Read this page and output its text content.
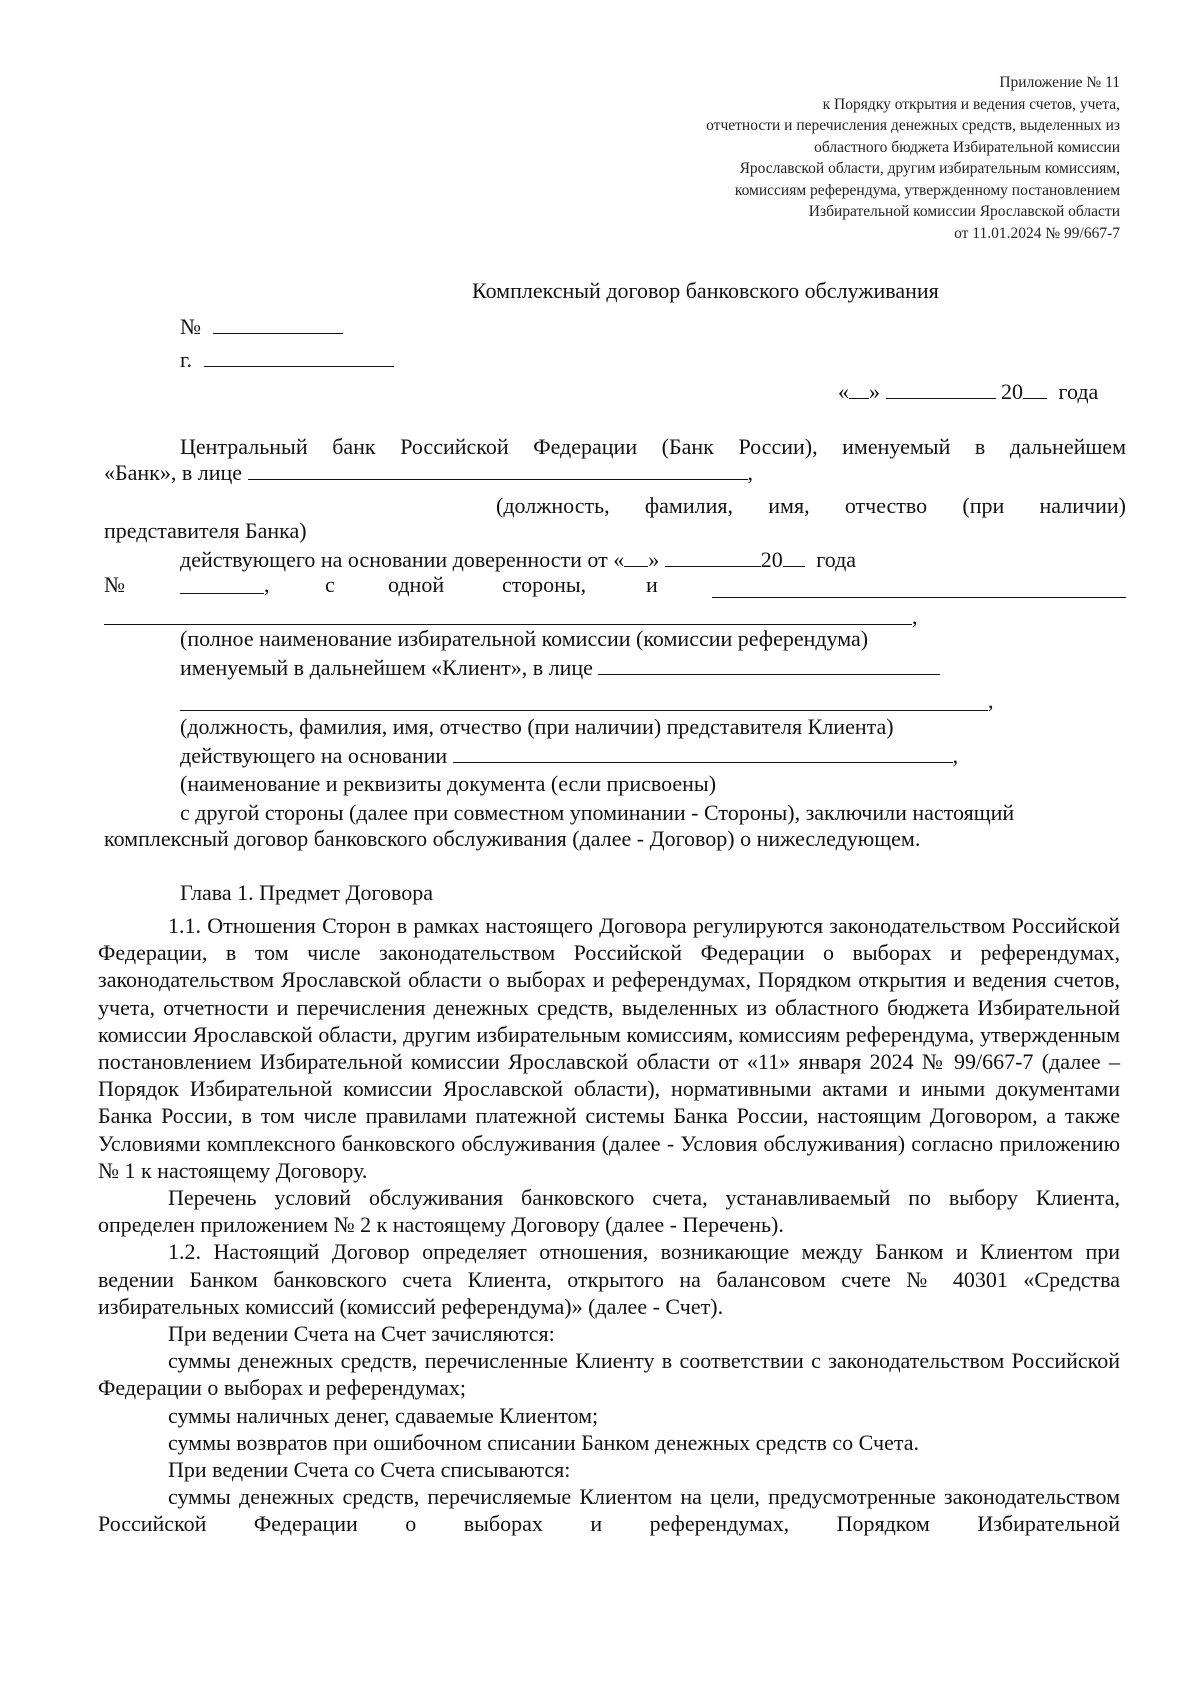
Приложение № 11
к Порядку открытия и ведения счетов, учета,
отчетности и перечисления денежных средств, выделенных из
областного бюджета Избирательной комиссии
Ярославской области, другим избирательным комиссиям,
комиссиям референдума, утвержденному постановлением
Избирательной комиссии Ярославской области
от 11.01.2024 № 99/667-7
Комплексный договор банковского обслуживания
№
г.
« »	20 года
Центральный банк Российской Федерации (Банк России), именуемый в дальнейшем
«Банк», в лице	,
(должность, фамилия, имя, отчество (при наличии)
представителя Банка)
действующего на основании доверенности от « »	20 года
№	,	с одной	стороны,	и
,
(полное наименование избирательной комиссии (комиссии референдума)
именуемый в дальнейшем «Клиент», в лице
,
(должность, фамилия, имя, отчество (при наличии) представителя Клиента)
действующего на основании	,
(наименование и реквизиты документа (если присвоены)
с другой стороны (далее при совместном упоминании - Стороны), заключили настоящий
комплексный договор банковского обслуживания (далее - Договор) о нижеследующем.
Глава 1. Предмет Договора

1.1. Отношения Сторон в рамках настоящего Договора регулируются законодательством Российской Федерации, в том числе законодательством Российской Федерации о выборах и референдумах, законодательством Ярославской области о выборах и референдумах, Порядком открытия и ведения счетов, учета, отчетности и перечисления денежных средств, выделенных из областного бюджета Избирательной комиссии Ярославской области, другим избирательным комиссиям, комиссиям референдума, утвержденным постановлением Избирательной комиссии Ярославской области от «11» января 2024 № 99/667-7 (далее – Порядок Избирательной комиссии Ярославской области), нормативными актами и иными документами Банка России, в том числе правилами платежной системы Банка России, настоящим Договором, а также Условиями комплексного банковского обслуживания (далее - Условия обслуживания) согласно приложению № 1 к настоящему Договору.

Перечень условий обслуживания банковского счета, устанавливаемый по выбору Клиента, определен приложением № 2 к настоящему Договору (далее - Перечень).

1.2. Настоящий Договор определяет отношения, возникающие между Банком и Клиентом при ведении Банком банковского счета Клиента, открытого на балансовом счете № 40301 «Средства избирательных комиссий (комиссий референдума)» (далее - Счет).

При ведении Счета на Счет зачисляются:

суммы денежных средств, перечисленные Клиенту в соответствии с законодательством Российской Федерации о выборах и референдумах;

суммы наличных денег, сдаваемые Клиентом;

суммы возвратов при ошибочном списании Банком денежных средств со Счета.

При ведении Счета со Счета списываются:

суммы денежных средств, перечисляемые Клиентом на цели, предусмотренные законодательством Российской Федерации о выборах и референдумах, Порядком Избирательной
